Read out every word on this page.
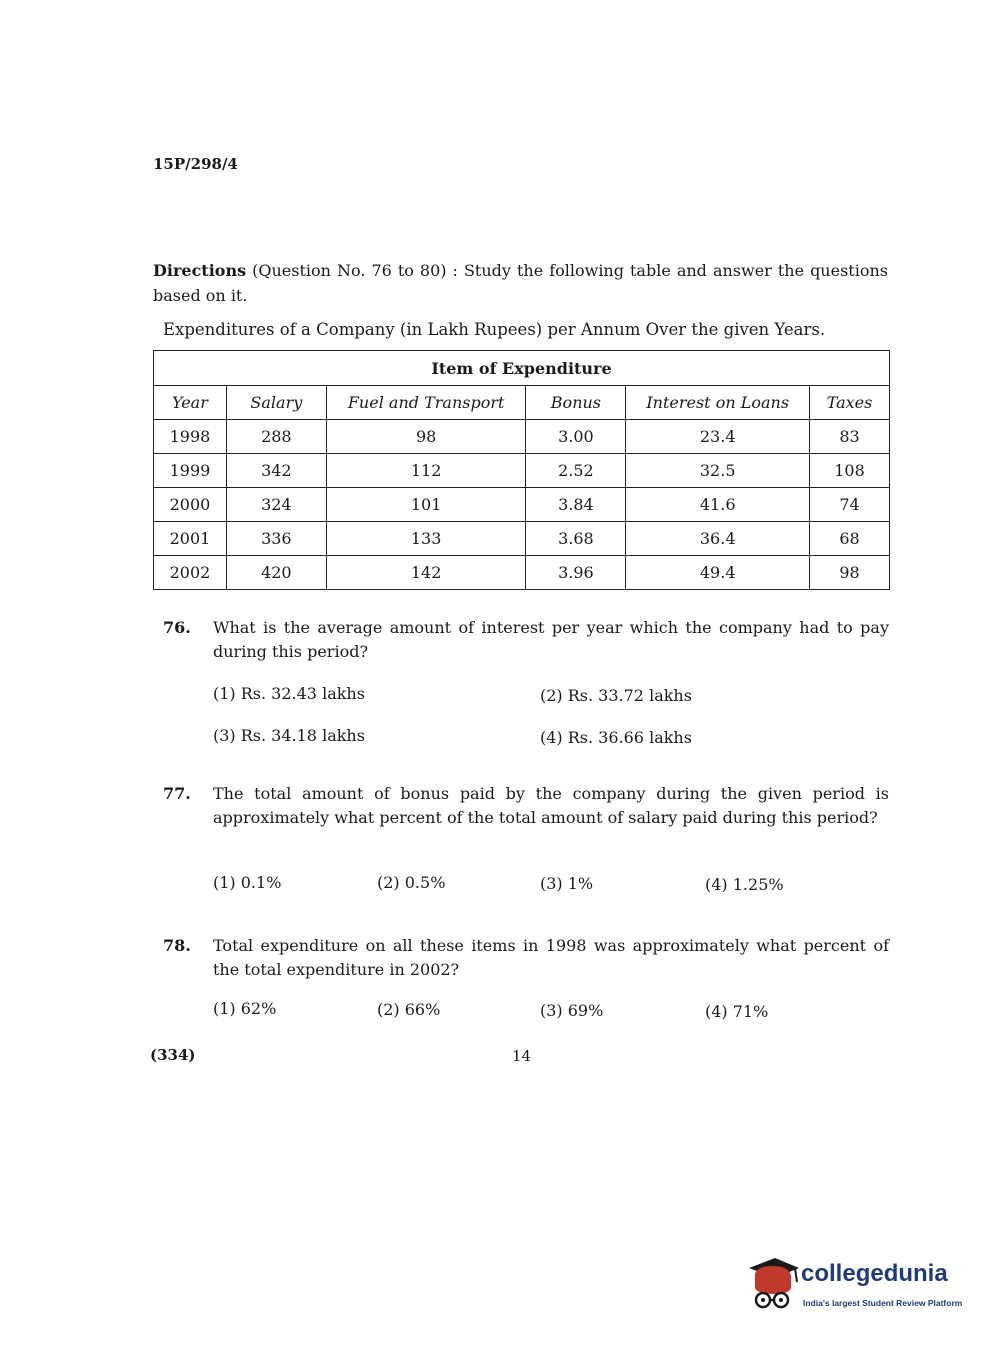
15P/298/4
Directions (Question No. 76 to 80) : Study the following table and answer the questions based on it.
Expenditures of a Company (in Lakh Rupees) per Annum Over the given Years.
Item of Expenditure					
Year	Salary	Fuel and Transport	Bonus	Interest on Loans	Taxes
1998	288	98	3.00	23.4	83
1999	342	112	2.52	32.5	108
2000	324	101	3.84	41.6	74
2001	336	133	3.68	36.4	68
2002	420	142	3.96	49.4	98
76. What is the average amount of interest per year which the company had to pay during this period?
(1) Rs. 32.43 lakhs	(2) Rs. 33.72 lakhs
(3) Rs. 34.18 lakhs	(4) Rs. 36.66 lakhs
77. The total amount of bonus paid by the company during the given period is approximately what percent of the total amount of salary paid during this period?
(1) 0.1%	(2) 0.5%	(3) 1%	(4) 1.25%
78. Total expenditure on all these items in 1998 was approximately what percent of the total expenditure in 2002?
(1) 62%	(2) 66%	(3) 69%	(4) 71%
(334)	14
collegedunia
India's largest Student Review Platform
